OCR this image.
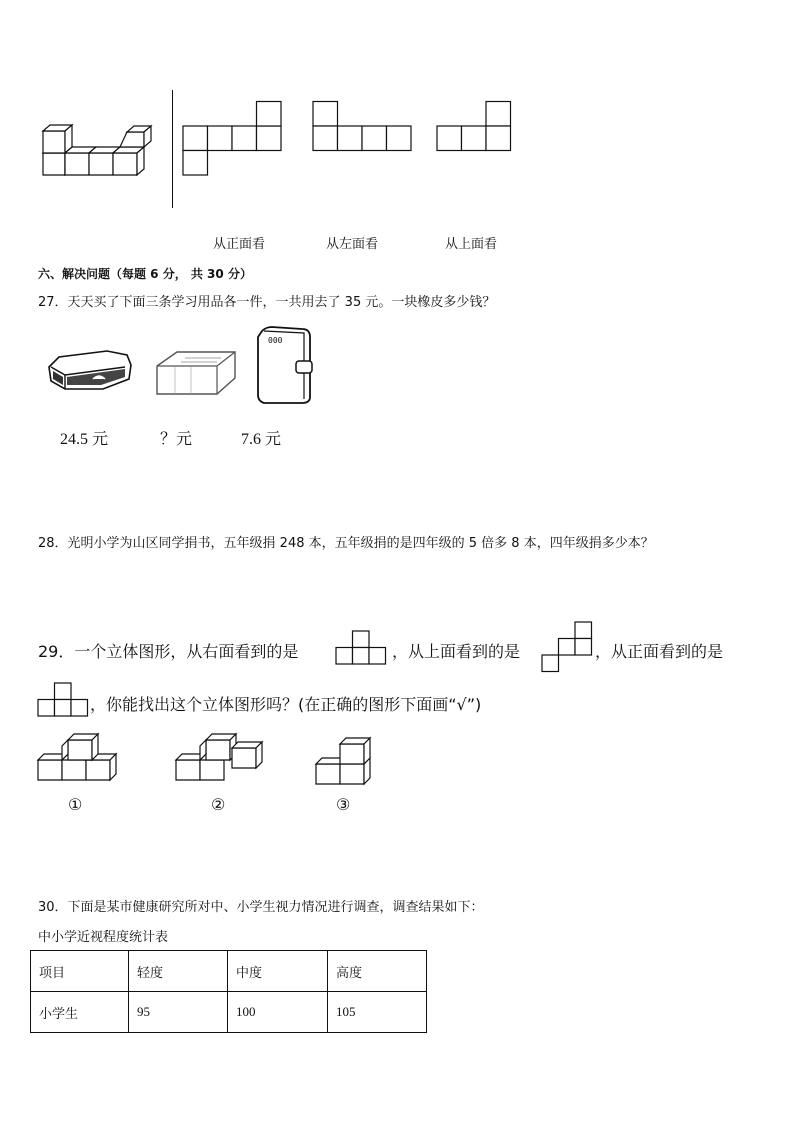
从正面看	从左面看	从上面看
六、解决问题（每题 6 分， 共 30 分）
27．天天买了下面三条学习用品各一件，一共用去了 35 元。一块橡皮多少钱？
000
24.5 元	？元	7.6 元
28．光明小学为山区同学捐书，五年级捐 248 本，五年级捐的是四年级的 5 倍多 8 本，四年级捐多少本？
29．一个立体图形，从右面看到的是	，从上面看到的是	，从正面看到的是
，你能找出这个立体图形吗？(在正确的图形下面画“√”)
①	②	③
30．下面是某市健康研究所对中、小学生视力情况进行调查，调查结果如下：
中小学近视程度统计表
项目	轻度	中度	高度
小学生	95	100	105
